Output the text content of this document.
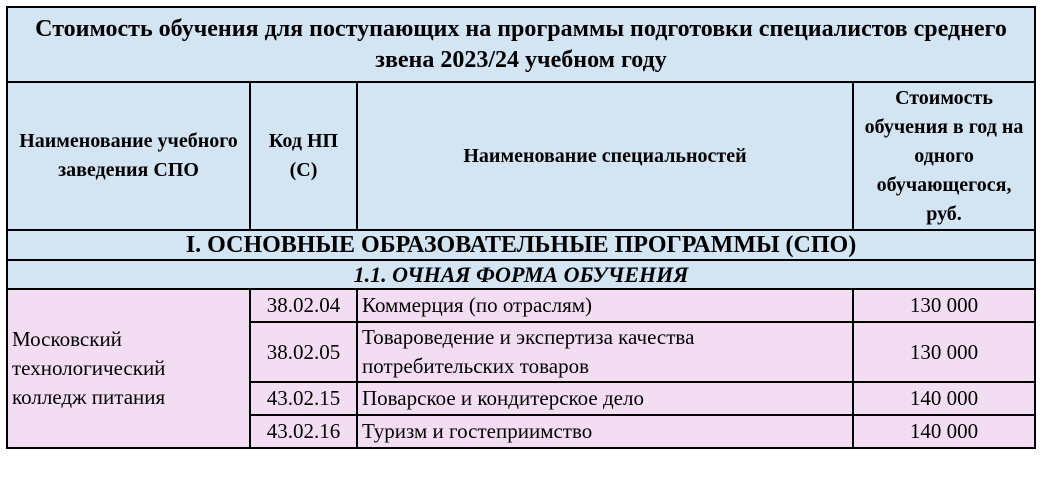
Стоимость обучения для поступающих на программы подготовки специалистов среднего звена 2023/24 учебном году			
Наименование учебного заведения СПО	Код НП (С)	Наименование специальностей	Стоимость обучения в год на одного обучающегося, руб.
I. ОСНОВНЫЕ ОБРАЗОВАТЕЛЬНЫЕ ПРОГРАММЫ (СПО)			
1.1. ОЧНАЯ ФОРМА ОБУЧЕНИЯ			
Московский технологический колледж питания	38.02.04	Коммерция (по отраслям)	130 000
	38.02.05	Товароведение и экспертиза качества потребительских товаров	130 000
	43.02.15	Поварское и кондитерское дело	140 000
	43.02.16	Туризм и гостеприимство	140 000
